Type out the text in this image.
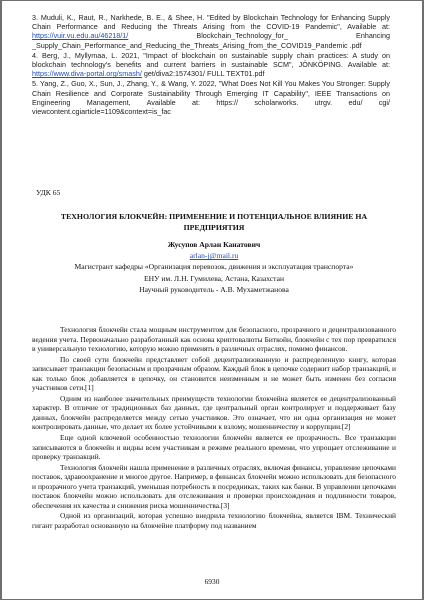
3. Muduli, K., Raut, R., Narkhede, B. E., & Shee, H. "Edited by Blockchain Technology for Enhancing Supply Chain Performance and Reducing the Threats Arising from the COVID-19 Pandemic", Available at: https://vuir.vu.edu.au/46218/1/ Blockchain_Technology_for_ Enhancing _Supply_Chain_Performance_and_Reducing_the_Threats_Arising_from_the_COVID19_Pandemic .pdf

4. Berg, J., Myllymaa, L. 2021, "Impact of blockchain on sustainable supply chain practices: A study on blockchain technology's benefits and current barriers in sustainable SCM", JÖNKÖPING. Available at: https://www.diva-portal.org/smash/ get/diva2:1574301/ FULL TEXT01.pdf

5. Yang, Z., Guo, X., Sun, J., Zhang, Y., & Wang, Y. 2022, "What Does Not Kill You Makes You Stronger: Supply Chain Resilience and Corporate Sustainability Through Emerging IT Capability", IEEE Transactions on Engineering Management, Available at: https:// scholarworks. utrgv. edu/ cgi/ viewcontent.cgiarticle=1109&context=is_fac

УДК 65
ТЕХНОЛОГИЯ БЛОКЧЕЙН: ПРИМЕНЕНИЕ И ПОТЕНЦИАЛЬНОЕ ВЛИЯНИЕ НА ПРЕДПРИЯТИЯ
Жусупов Арлан Канатович
arlan-j@mail.ru
Магистрант кафедры «Организация перевозок, движения и эксплуатация транспорта»
ЕНУ им. Л.Н. Гумилева, Астана, Казахстан
Научный руководитель - А.В. Мухаметжанова

Технология блокчейн стала мощным инструментом для безопасного, прозрачного и децентрализованного ведения учета. Первоначально разработанный как основа криптовалюты Биткойн, блокчейн с тех пор превратился в универсальную технологию, которую можно применять в различных отраслях, помимо финансов.

По своей сути блокчейн представляет собой децентрализованную и распределенную книгу, которая записывает транзакции безопасным и прозрачным образом. Каждый блок в цепочке содержит набор транзакций, и как только блок добавляется в цепочку, он становится неизменным и не может быть изменен без согласия участников сети.[1]

Одним из наиболее значительных преимуществ технологии блокчейна является ее децентрализованный характер. В отличие от традиционных баз данных, где центральный орган контролирует и поддерживает базу данных, блокчейн распределяется между сетью участников. Это означает, что ни одна организация не может контролировать данные, что делает их более устойчивыми к взлому, мошенничеству и коррупции.[2]

Еще одной ключевой особенностью технологии блокчейн является ее прозрачность. Все транзакции записываются в блокчейн и видны всем участникам в режиме реального времени, что упрощает отслеживание и проверку транзакций.

Технология блокчейн нашла применение в различных отраслях, включая финансы, управление цепочками поставок, здравоохранение и многое другое. Например, в финансах блокчейн можно использовать для безопасного и прозрачного учета транзакций, уменьшая потребность в посредниках, таких как банки. В управлении цепочками поставок блокчейн можно использовать для отслеживания и проверки происхождения и подлинности товаров, обеспечения их качества и снижения риска мошенничества.[3]

Одной из организаций, которая успешно внедрила технологию блокчейна, является IBM. Технический гигант разработал основанную на блокчейне платформу под названием

6930
